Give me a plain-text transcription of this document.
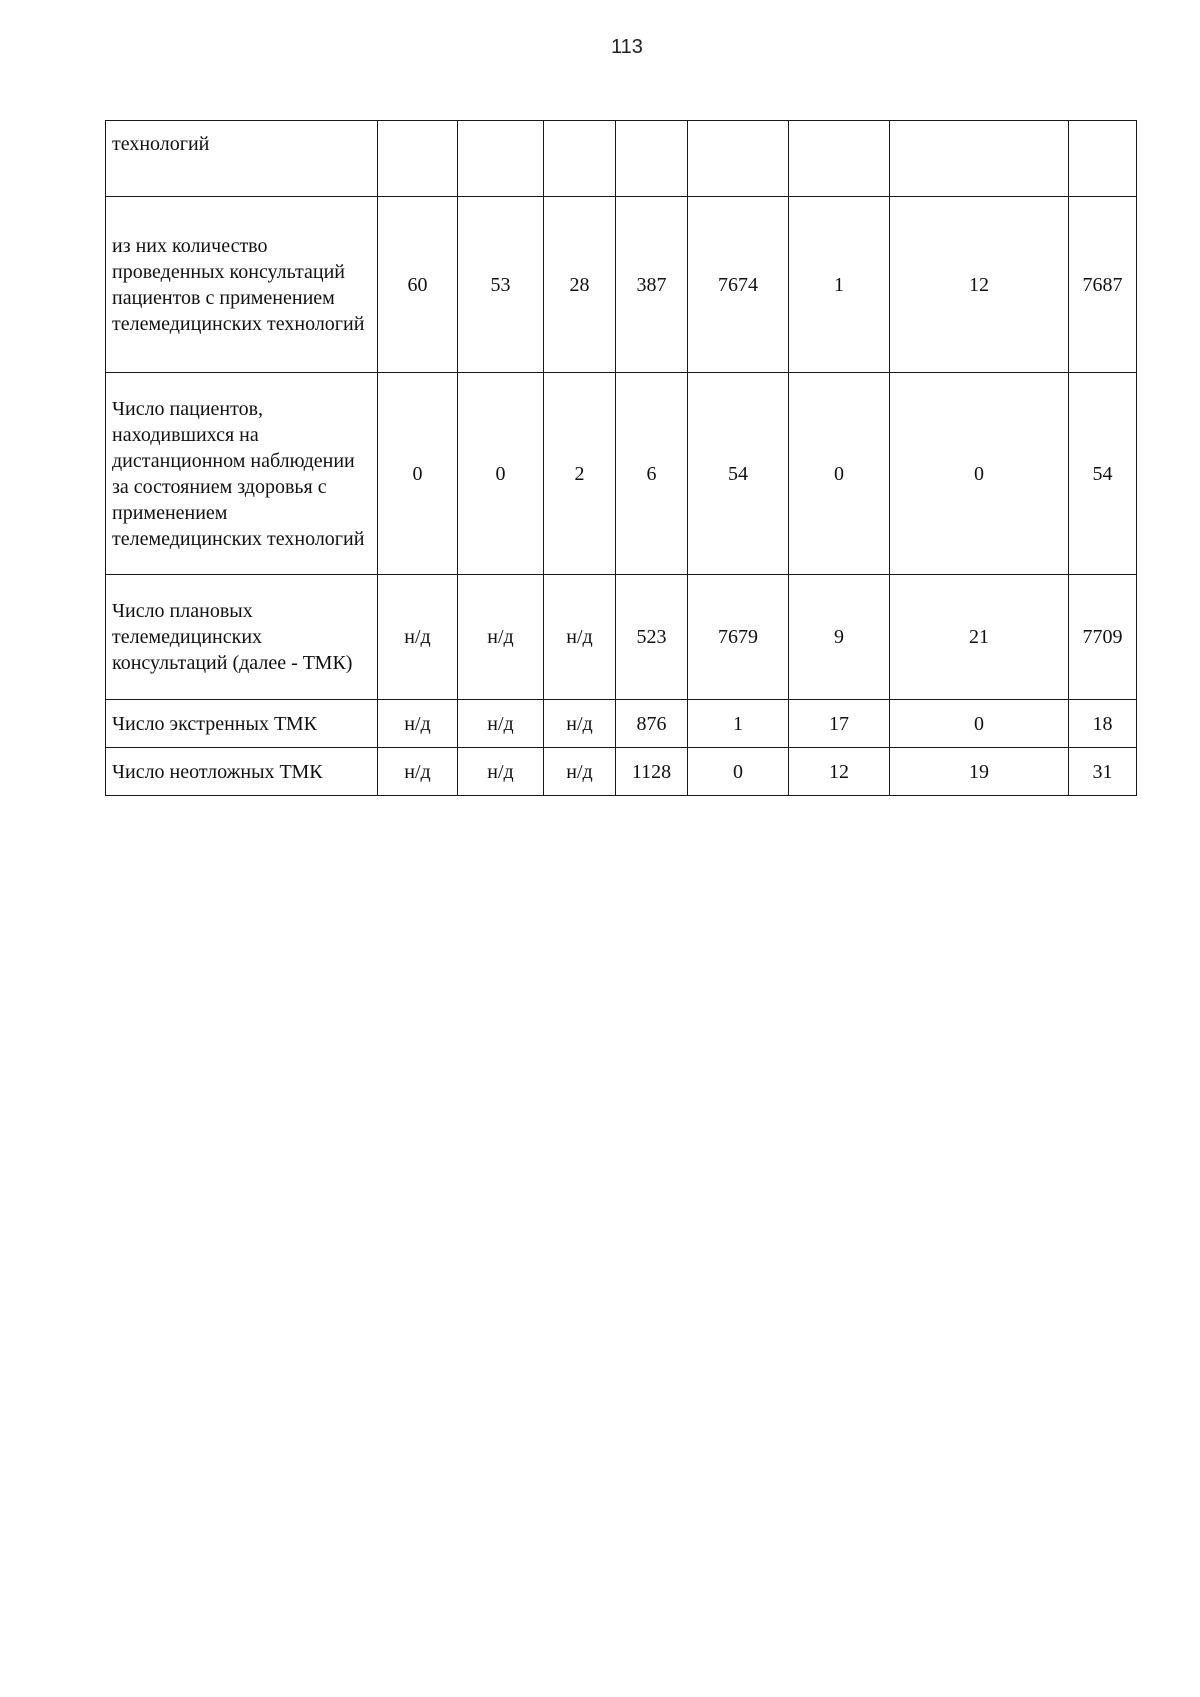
113
технологий								
из них количество проведенных консультаций пациентов с применением телемедицинских технологий	60	53	28	387	7674	1	12	7687
Число пациентов, находившихся на дистанционном наблюдении за состоянием здоровья с применением телемедицинских технологий	0	0	2	6	54	0	0	54
Число плановых телемедицинских консультаций (далее - ТМК)	н/д	н/д	н/д	523	7679	9	21	7709
Число экстренных ТМК	н/д	н/д	н/д	876	1	17	0	18
Число неотложных ТМК	н/д	н/д	н/д	1128	0	12	19	31
